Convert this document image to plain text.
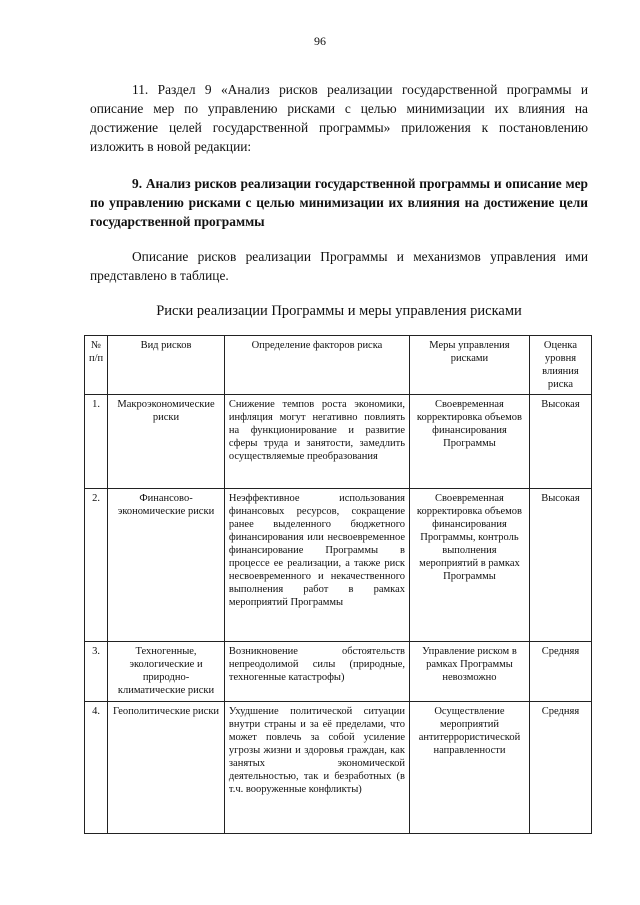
96
11. Раздел 9 «Анализ рисков реализации государственной программы и описание мер по управлению рисками с целью минимизации их влияния на достижение целей государственной программы» приложения к постановлению изложить в новой редакции:
9. Анализ рисков реализации государственной программы и описание мер по управлению рисками с целью минимизации их влияния на достижение цели государственной программы
Описание рисков реализации Программы и механизмов управления ими представлено в таблице.
Риски реализации Программы и меры управления рисками
№ п/п	Вид рисков	Определение факторов риска	Меры управления рисками	Оценка уровня влияния риска
1.	Макроэкономические риски	Снижение темпов роста экономики, инфляция могут негативно повлиять на функционирование и развитие сферы труда и занятости, замедлить осуществляемые преобразования	Своевременная корректировка объемов финансирования Программы	Высокая
2.	Финансово-экономические риски	Неэффективное использования финансовых ресурсов, сокращение ранее выделенного бюджетного финансирования или несвоевременное финансирование Программы в процессе ее реализации, а также риск несвоевременного и некачественного выполнения работ в рамках мероприятий Программы	Своевременная корректировка объемов финансирования Программы, контроль выполнения мероприятий в рамках Программы	Высокая
3.	Техногенные, экологические и природно-климатические риски	Возникновение обстоятельств непреодолимой силы (природные, техногенные катастрофы)	Управление риском в рамках Программы невозможно	Средняя
4.	Геополитические риски	Ухудшение политической ситуации внутри страны и за её пределами, что может повлечь за собой усиление угрозы жизни и здоровья граждан, как занятых экономической деятельностью, так и безработных (в т.ч. вооруженные конфликты)	Осуществление мероприятий антитеррористической направленности	Средняя
